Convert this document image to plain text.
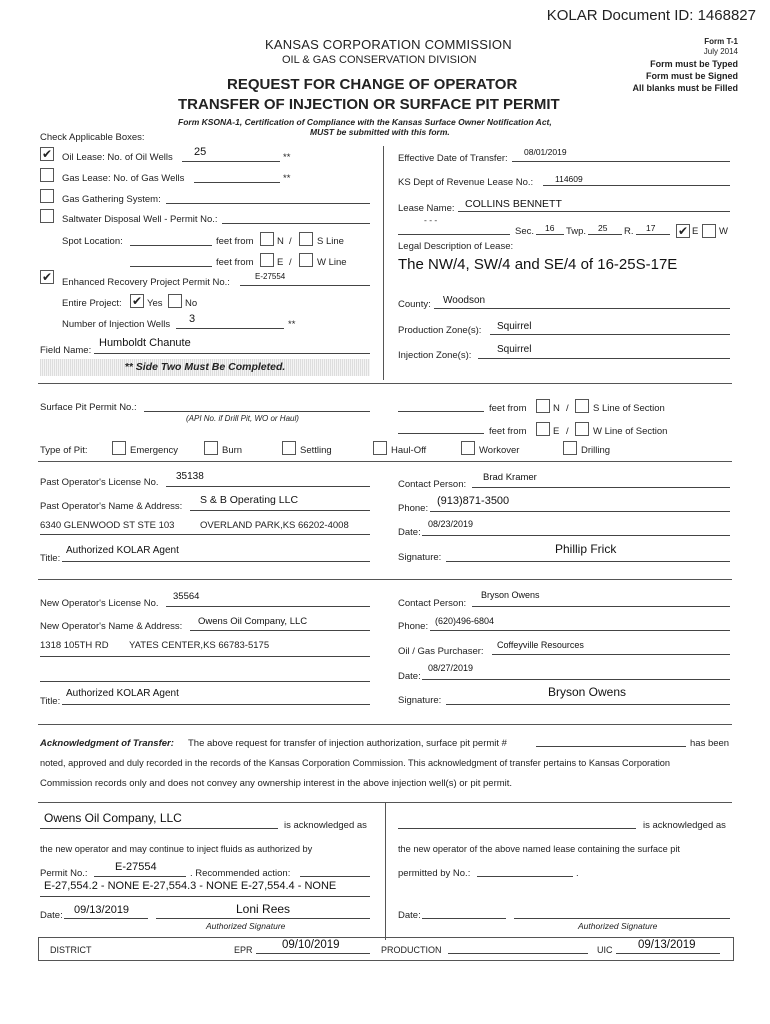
KOLAR Document ID: 1468827
KANSAS CORPORATION COMMISSION
OIL & GAS CONSERVATION DIVISION
REQUEST FOR CHANGE OF OPERATOR
TRANSFER OF INJECTION OR SURFACE PIT PERMIT
Form T-1
July 2014
Form must be Typed
Form must be Signed
All blanks must be Filled
Form KSONA-1, Certification of Compliance with the Kansas Surface Owner Notification Act,
MUST be submitted with this form.
Check Applicable Boxes:
✔ Oil Lease: No. of Oil Wells 25	**
Gas Lease: No. of Gas Wells	**
Gas Gathering System:
Saltwater Disposal Well - Permit No.:
Spot Location:	feet from N /	S Line
feet from E /	W Line
✔ Enhanced Recovery Project Permit No.:
E-27554
Entire Project: ✔ Yes No
Number of Injection Wells 3	**
Field Name:
Humboldt Chanute
** Side Two Must Be Completed.
Effective Date of Transfer:
08/01/2019
KS Dept of Revenue Lease No.:	114609
Lease Name: COLLINS BENNETT
- - -
Sec. 16 Twp. 25 R. 17 ✔ E W
Legal Description of Lease:
The NW/4, SW/4 and SE/4 of 16-25S-17E
County: Woodson
Production Zone(s): Squirrel
Injection Zone(s):
Squirrel
Surface Pit Permit No.:
(API No. if Drill Pit, WO or Haul)
feet from	N /	S Line of Section
feet from	E /	W Line of Section
Type of Pit:	Emergency	Burn	Settling	Haul-Off	Workover	Drilling
Past Operator's License No.
35138
Past Operator's Name & Address:
S & B Operating LLC
6340 GLENWOOD ST STE 103	OVERLAND PARK,KS 66202-4008
Title:
Authorized KOLAR Agent
Contact Person:
Brad Kramer
Phone:
(913)871-3500
Date:
08/23/2019
Signature:
Phillip Frick
New Operator's License No.
35564
New Operator's Name & Address: Owens Oil Company, LLC
1318 105TH RD YATES CENTER,KS 66783-5175
Title:
Authorized KOLAR Agent
Contact Person:
Bryson Owens
Phone: (620)496-6804
Oil / Gas Purchaser:
Coffeyville Resources
Date:
08/27/2019
Signature:
Bryson Owens
Acknowledgment of Transfer: The above request for transfer of injection authorization, surface pit permit #	has been
noted, approved and duly recorded in the records of the Kansas Corporation Commission. This acknowledgment of transfer pertains to Kansas Corporation
Commission records only and does not convey any ownership interest in the above injection well(s) or pit permit.
Owens Oil Company, LLC
is acknowledged as
the new operator and may continue to inject fluids as authorized by
Permit No.:
E-27554
. Recommended action:
E-27,554.2 - NONE E-27,554.3 - NONE E-27,554.4 - NONE
Date: 09/13/2019	Loni Rees
Authorized Signature
is acknowledged as
the new operator of the above named lease containing the surface pit
permitted by No.:	.
Date:
Authorized Signature
DISTRICT	EPR	09/10/2019	PRODUCTION	UIC 09/13/2019
